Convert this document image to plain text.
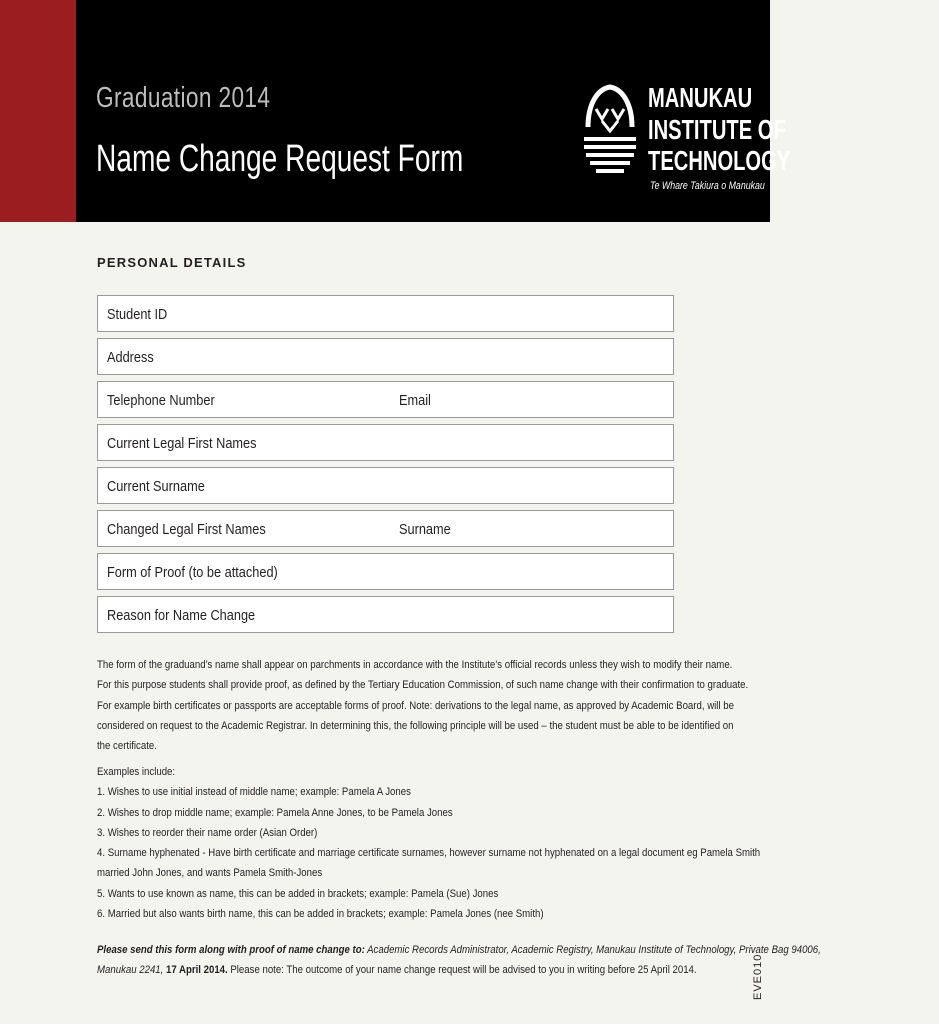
Graduation 2014
Name Change Request Form
MANUKAU
INSTITUTE OF
TECHNOLOGY
Te Whare Takiura o Manukau
PERSONAL DETAILS
Student ID
Address
Telephone Number	Email
Current Legal First Names
Current Surname
Changed Legal First Names	Surname
Form of Proof (to be attached)
Reason for Name Change
The form of the graduand’s name shall appear on parchments in accordance with the Institute’s official records unless they wish to modify their name.
For this purpose students shall provide proof, as defined by the Tertiary Education Commission, of such name change with their confirmation to graduate.
For example birth certificates or passports are acceptable forms of proof. Note: derivations to the legal name, as approved by Academic Board, will be
considered on request to the Academic Registrar. In determining this, the following principle will be used – the student must be able to be identified on
the certificate.
Examples include:
1. Wishes to use initial instead of middle name; example: Pamela A Jones
2. Wishes to drop middle name; example: Pamela Anne Jones, to be Pamela Jones
3. Wishes to reorder their name order (Asian Order)
4. Surname hyphenated - Have birth certificate and marriage certificate surnames, however surname not hyphenated on a legal document eg Pamela Smith
married John Jones, and wants Pamela Smith-Jones
5. Wants to use known as name, this can be added in brackets; example: Pamela (Sue) Jones
6. Married but also wants birth name, this can be added in brackets; example: Pamela Jones (nee Smith)
Please send this form along with proof of name change to: Academic Records Administrator, Academic Registry, Manukau Institute of Technology, Private Bag 94006,
Manukau 2241, 17 April 2014. Please note: The outcome of your name change request will be advised to you in writing before 25 April 2014.	EVE010
